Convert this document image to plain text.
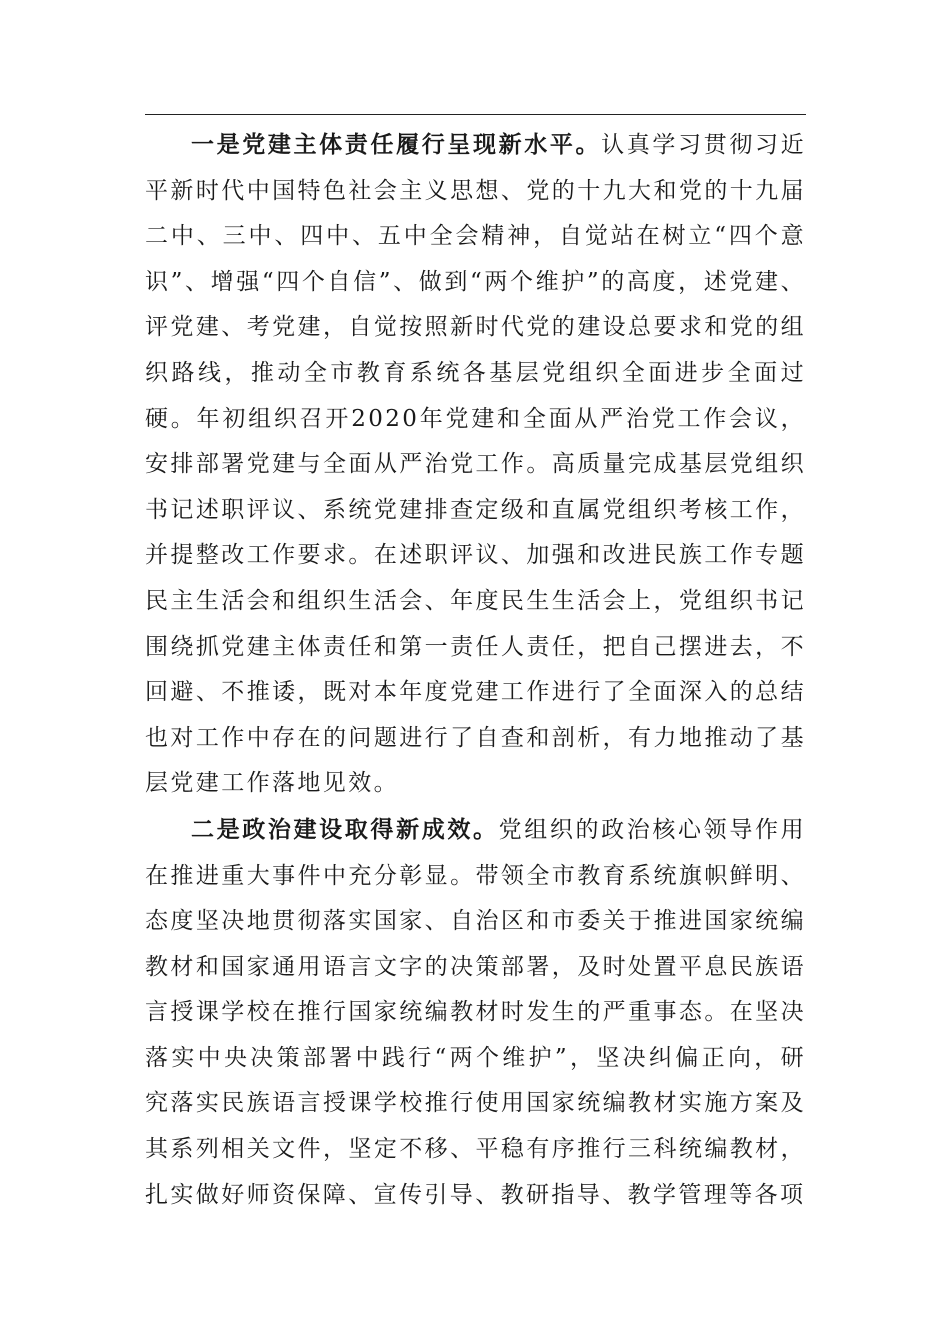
一是党建主体责任履行呈现新水平。认真学习贯彻习近平新时代中国特色社会主义思想、党的十九大和党的十九届二中、三中、四中、五中全会精神，自觉站在树立“四个意识”、增强“四个自信”、做到“两个维护”的高度，述党建、评党建、考党建，自觉按照新时代党的建设总要求和党的组织路线，推动全市教育系统各基层党组织全面进步全面过硬。年初组织召开2020年党建和全面从严治党工作会议，安排部署党建与全面从严治党工作。高质量完成基层党组织书记述职评议、系统党建排查定级和直属党组织考核工作，并提整改工作要求。在述职评议、加强和改进民族工作专题民主生活会和组织生活会、年度民生生活会上，党组织书记围绕抓党建主体责任和第一责任人责任，把自己摆进去，不回避、不推诿，既对本年度党建工作进行了全面深入的总结也对工作中存在的问题进行了自查和剖析，有力地推动了基层党建工作落地见效。

二是政治建设取得新成效。党组织的政治核心领导作用在推进重大事件中充分彰显。带领全市教育系统旗帜鲜明、态度坚决地贯彻落实国家、自治区和市委关于推进国家统编教材和国家通用语言文字的决策部署，及时处置平息民族语言授课学校在推行国家统编教材时发生的严重事态。在坚决落实中央决策部署中践行“两个维护”，坚决纠偏正向，研究落实民族语言授课学校推行使用国家统编教材实施方案及其系列相关文件，坚定不移、平稳有序推行三科统编教材，扎实做好师资保障、宣传引导、教研指导、教学管理等各项
